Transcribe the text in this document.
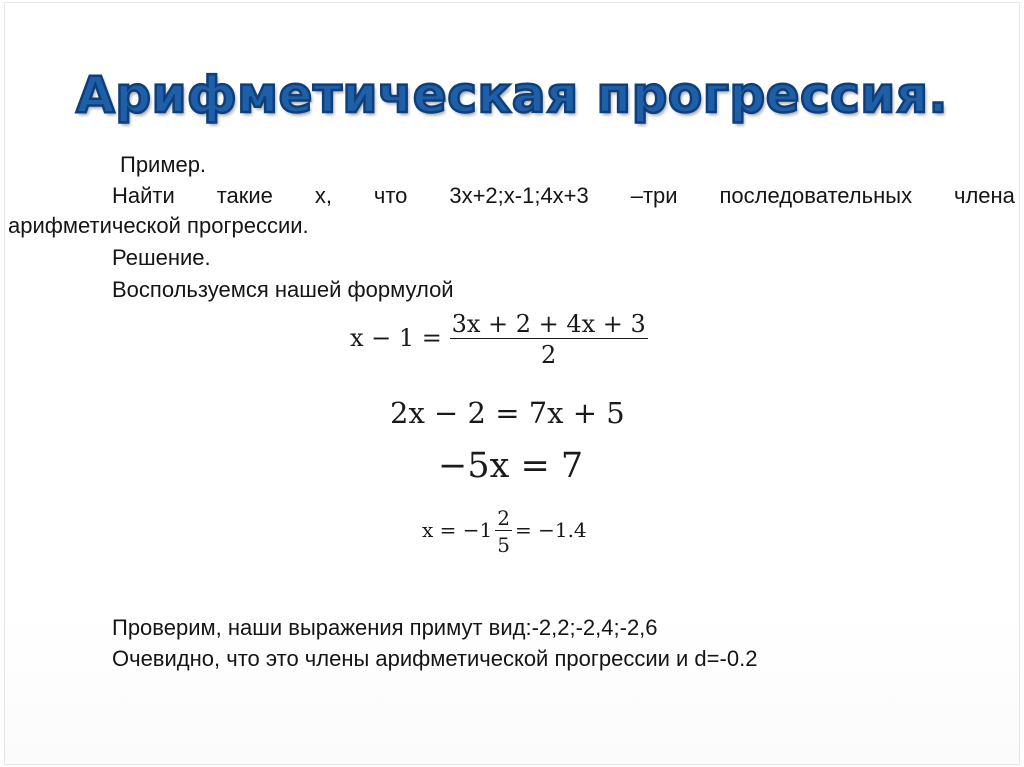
Арифметическая прогрессия.
Пример.
Найти такие х, что 3х+2;х-1;4х+3 –три последовательных члена
арифметической прогрессии.
Решение.
Воспользуемся нашей формулой
$x - 1 = \frac{3x + 2 + 4x + 3}{2}$
2x − 2 = 7x + 5
−5x = 7
$x = -1 \frac{2}{5} = -1.4$
Проверим, наши выражения примут вид:-2,2;-2,4;-2,6
Очевидно, что это члены арифметической прогрессии и d=-0.2
